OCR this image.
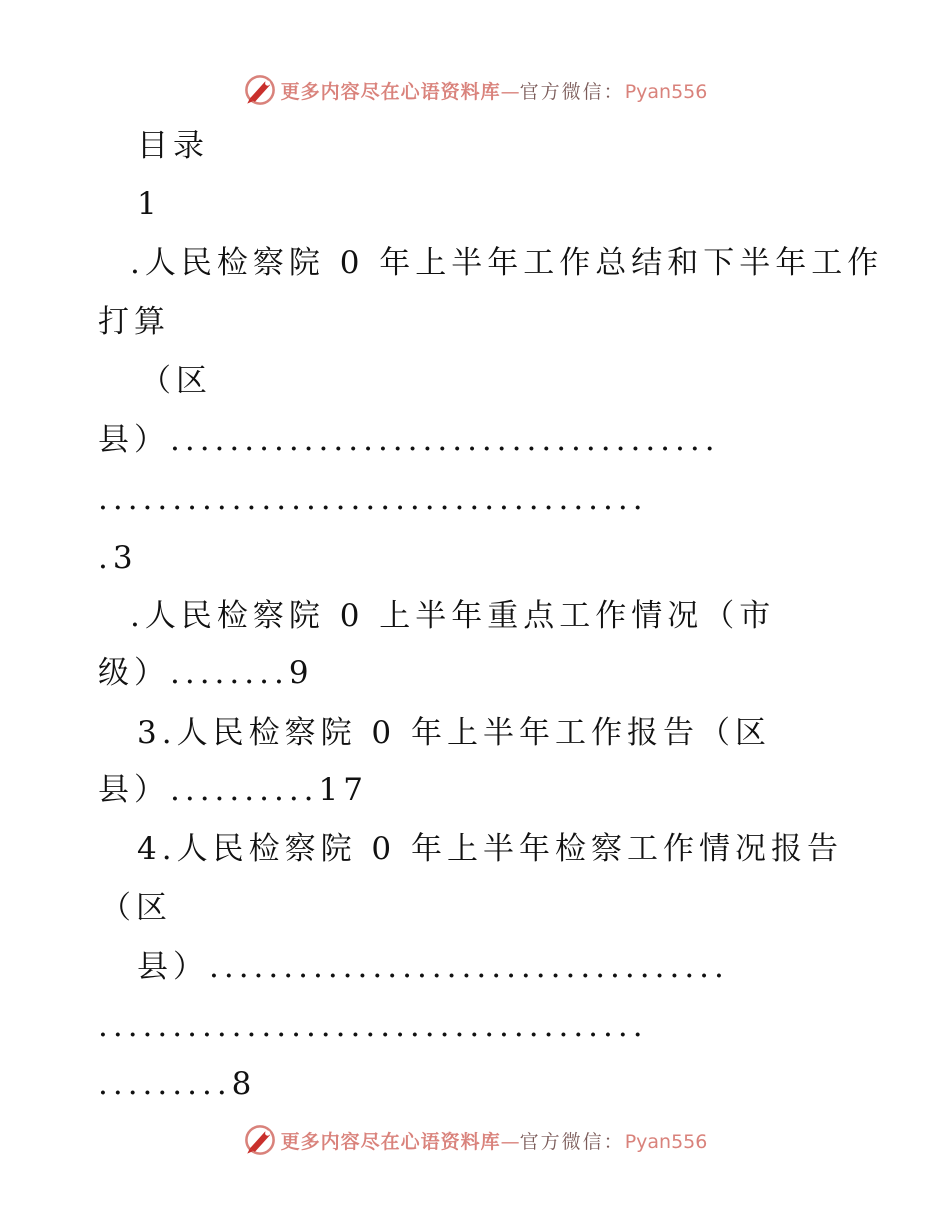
更多内容尽在心语资料库—官方微信：Pyan556
目录
1
.人民检察院 0 年上半年工作总结和下半年工作
打算
（区
县）.....................................
.....................................
.3
.人民检察院 0 上半年重点工作情况（市
级）........9
3.人民检察院 0 年上半年工作报告（区
县）..........17
4.人民检察院 0 年上半年检察工作情况报告
（区
县）...................................
.....................................
.........8
更多内容尽在心语资料库—官方微信：Pyan556
